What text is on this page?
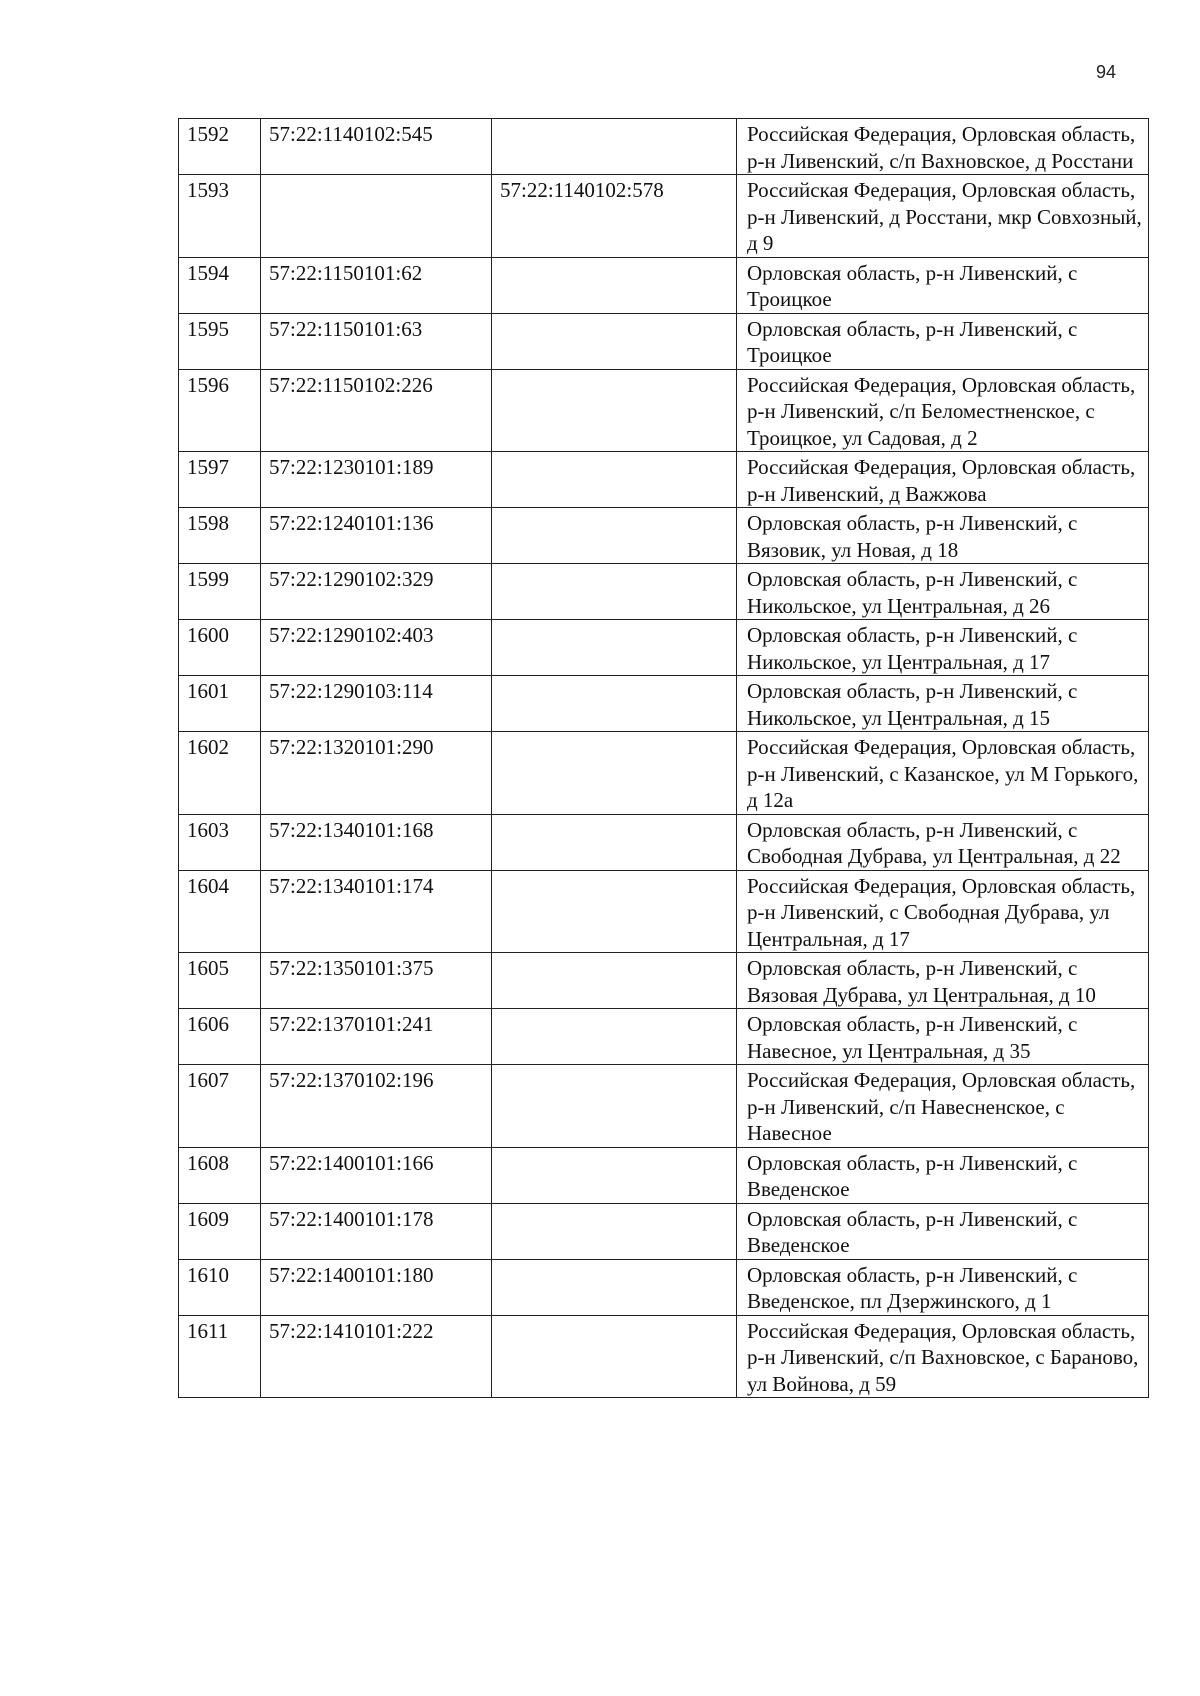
94
1592	57:22:1140102:545		Российская Федерация, Орловская область, р-н Ливенский, с/п Вахновское, д Росстани
1593		57:22:1140102:578	Российская Федерация, Орловская область, р-н Ливенский, д Росстани, мкр Совхозный, д 9
1594	57:22:1150101:62		Орловская область, р-н Ливенский, с Троицкое
1595	57:22:1150101:63		Орловская область, р-н Ливенский, с Троицкое
1596	57:22:1150102:226		Российская Федерация, Орловская область, р-н Ливенский, с/п Беломестненское, с Троицкое, ул Садовая, д 2
1597	57:22:1230101:189		Российская Федерация, Орловская область, р-н Ливенский, д Важжова
1598	57:22:1240101:136		Орловская область, р-н Ливенский, с Вязовик, ул Новая, д 18
1599	57:22:1290102:329		Орловская область, р-н Ливенский, с Никольское, ул Центральная, д 26
1600	57:22:1290102:403		Орловская область, р-н Ливенский, с Никольское, ул Центральная, д 17
1601	57:22:1290103:114		Орловская область, р-н Ливенский, с Никольское, ул Центральная, д 15
1602	57:22:1320101:290		Российская Федерация, Орловская область, р-н Ливенский, с Казанское, ул М Горького, д 12а
1603	57:22:1340101:168		Орловская область, р-н Ливенский, с Свободная Дубрава, ул Центральная, д 22
1604	57:22:1340101:174		Российская Федерация, Орловская область, р-н Ливенский, с Свободная Дубрава, ул Центральная, д 17
1605	57:22:1350101:375		Орловская область, р-н Ливенский, с Вязовая Дубрава, ул Центральная, д 10
1606	57:22:1370101:241		Орловская область, р-н Ливенский, с Навесное, ул Центральная, д 35
1607	57:22:1370102:196		Российская Федерация, Орловская область, р-н Ливенский, с/п Навесненское, с Навесное
1608	57:22:1400101:166		Орловская область, р-н Ливенский, с Введенское
1609	57:22:1400101:178		Орловская область, р-н Ливенский, с Введенское
1610	57:22:1400101:180		Орловская область, р-н Ливенский, с Введенское, пл Дзержинского, д 1
1611	57:22:1410101:222		Российская Федерация, Орловская область, р-н Ливенский, с/п Вахновское, с Бараново, ул Войнова, д 59
